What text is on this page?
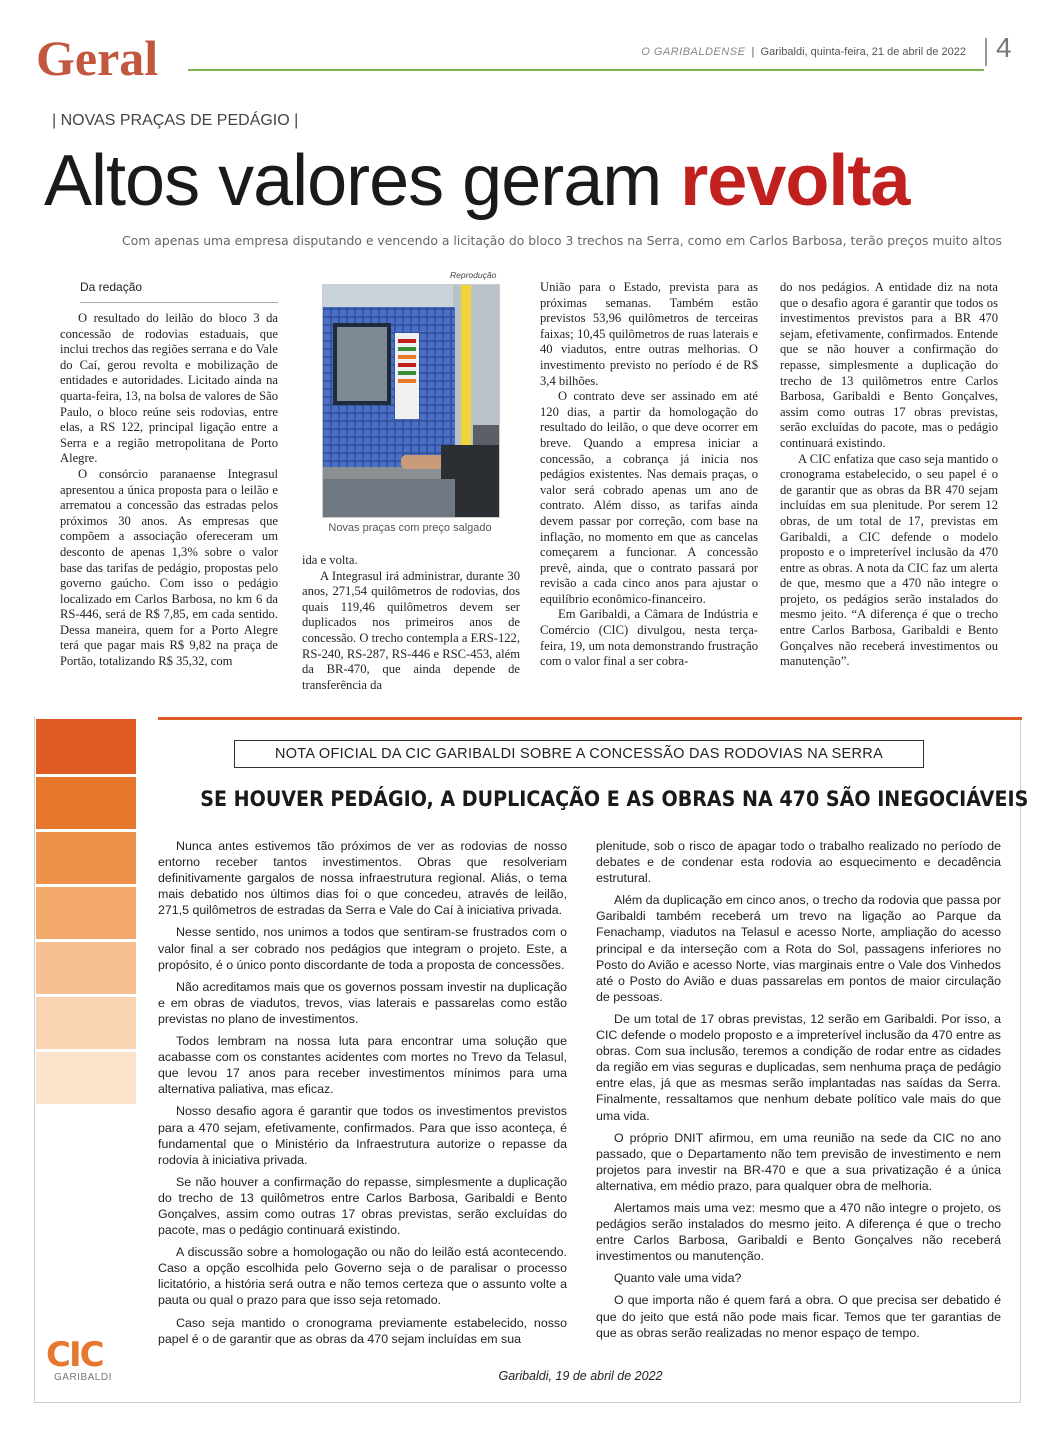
Geral	O GARIBALDENSE  |  Garibaldi, quinta-feira, 21 de abril de 2022 4
| NOVAS PRAÇAS DE PEDÁGIO |
Altos valores geram revolta
Com apenas uma empresa disputando e vencendo a licitação do bloco 3 trechos na Serra, como em Carlos Barbosa, terão preços muito altos
Da redação

O resultado do leilão do bloco 3 da concessão de rodovias estaduais, que inclui trechos das regiões serrana e do Vale do Caí, gerou revolta e mobilização de entidades e autoridades. Licitado ainda na quarta-feira, 13, na bolsa de valores de São Paulo, o bloco reúne seis rodovias, entre elas, a RS 122, principal ligação entre a Serra e a região metropolitana de Porto Alegre.

O consórcio paranaense Integrasul apresentou a única proposta para o leilão e arrematou a concessão das estradas pelos próximos 30 anos. As empresas que compõem a associação ofereceram um desconto de apenas 1,3% sobre o valor base das tarifas de pedágio, propostas pelo governo gaúcho. Com isso o pedágio localizado em Carlos Barbosa, no km 6 da RS-446, será de R$ 7,85, em cada sentido. Dessa maneira, quem for a Porto Alegre terá que pagar mais R$ 9,82 na praça de Portão, totalizando R$ 35,32, com

Reprodução
Novas praças com preço salgado

ida e volta.

A Integrasul irá administrar, durante 30 anos, 271,54 quilômetros de rodovias, dos quais 119,46 quilômetros devem ser duplicados nos primeiros anos de concessão. O trecho contempla a ERS-122, RS-240, RS-287, RS-446 e RSC-453, além da BR-470, que ainda depende de transferência da

União para o Estado, prevista para as próximas semanas. Também estão previstos 53,96 quilômetros de terceiras faixas; 10,45 quilômetros de ruas laterais e 40 viadutos, entre outras melhorias. O investimento previsto no período é de R$ 3,4 bilhões.

O contrato deve ser assinado em até 120 dias, a partir da homologação do resultado do leilão, o que deve ocorrer em breve. Quando a empresa iniciar a concessão, a cobrança já inicia nos pedágios existentes. Nas demais praças, o valor será cobrado apenas um ano de contrato. Além disso, as tarifas ainda devem passar por correção, com base na inflação, no momento em que as cancelas começarem a funcionar. A concessão prevê, ainda, que o contrato passará por revisão a cada cinco anos para ajustar o equilíbrio econômico-financeiro.

Em Garibaldi, a Câmara de Indústria e Comércio (CIC) divulgou, nesta terça-feira, 19, um nota demonstrando frustração com o valor final a ser cobra-

do nos pedágios. A entidade diz na nota que o desafio agora é garantir que todos os investimentos previstos para a BR 470 sejam, efetivamente, confirmados. Entende que se não houver a confirmação do repasse, simplesmente a duplicação do trecho de 13 quilômetros entre Carlos Barbosa, Garibaldi e Bento Gonçalves, assim como outras 17 obras previstas, serão excluídas do pacote, mas o pedágio continuará existindo.

A CIC enfatiza que caso seja mantido o cronograma estabelecido, o seu papel é o de garantir que as obras da BR 470 sejam incluídas em sua plenitude. Por serem 12 obras, de um total de 17, previstas em Garibaldi, a CIC defende o modelo proposto e o impreterível inclusão da 470 entre as obras. A nota da CIC faz um alerta de que, mesmo que a 470 não integre o projeto, os pedágios serão instalados do mesmo jeito. “A diferença é que o trecho entre Carlos Barbosa, Garibaldi e Bento Gonçalves não receberá investimentos ou manutenção”.

NOTA OFICIAL DA CIC GARIBALDI SOBRE A CONCESSÃO DAS RODOVIAS NA SERRA
SE HOUVER PEDÁGIO, A DUPLICAÇÃO E AS OBRAS NA 470 SÃO INEGOCIÁVEIS

Nunca antes estivemos tão próximos de ver as rodovias de nosso entorno receber tantos investimentos. Obras que resolveriam definitivamente gargalos de nossa infraestrutura regional. Aliás, o tema mais debatido nos últimos dias foi o que concedeu, através de leilão, 271,5 quilômetros de estradas da Serra e Vale do Caí à iniciativa privada.

Nesse sentido, nos unimos a todos que sentiram-se frustrados com o valor final a ser cobrado nos pedágios que integram o projeto. Este, a propósito, é o único ponto discordante de toda a proposta de concessões.

Não acreditamos mais que os governos possam investir na duplicação e em obras de viadutos, trevos, vias laterais e passarelas como estão previstas no plano de investimentos.

Todos lembram na nossa luta para encontrar uma solução que acabasse com os constantes acidentes com mortes no Trevo da Telasul, que levou 17 anos para receber investimentos mínimos para uma alternativa paliativa, mas eficaz.

Nosso desafio agora é garantir que todos os investimentos previstos para a 470 sejam, efetivamente, confirmados. Para que isso aconteça, é fundamental que o Ministério da Infraestrutura autorize o repasse da rodovia à iniciativa privada.

Se não houver a confirmação do repasse, simplesmente a duplicação do trecho de 13 quilômetros entre Carlos Barbosa, Garibaldi e Bento Gonçalves, assim como outras 17 obras previstas, serão excluídas do pacote, mas o pedágio continuará existindo.

A discussão sobre a homologação ou não do leilão está acontecendo. Caso a opção escolhida pelo Governo seja o de paralisar o processo licitatório, a história será outra e não temos certeza que o assunto volte a pauta ou qual o prazo para que isso seja retomado.

Caso seja mantido o cronograma previamente estabelecido, nosso papel é o de garantir que as obras da 470 sejam incluídas em sua

plenitude, sob o risco de apagar todo o trabalho realizado no período de debates e de condenar esta rodovia ao esquecimento e decadência estrutural.

Além da duplicação em cinco anos, o trecho da rodovia que passa por Garibaldi também receberá um trevo na ligação ao Parque da Fenachamp, viadutos na Telasul e acesso Norte, ampliação do acesso principal e da interseção com a Rota do Sol, passagens inferiores no Posto do Avião e acesso Norte, vias marginais entre o Vale dos Vinhedos até o Posto do Avião e duas passarelas em pontos de maior circulação de pessoas.

De um total de 17 obras previstas, 12 serão em Garibaldi. Por isso, a CIC defende o modelo proposto e a impreterível inclusão da 470 entre as obras. Com sua inclusão, teremos a condição de rodar entre as cidades da região em vias seguras e duplicadas, sem nenhuma praça de pedágio entre elas, já que as mesmas serão implantadas nas saídas da Serra. Finalmente, ressaltamos que nenhum debate político vale mais do que uma vida.

O próprio DNIT afirmou, em uma reunião na sede da CIC no ano passado, que o Departamento não tem previsão de investimento e nem projetos para investir na BR-470 e que a sua privatização é a única alternativa, em médio prazo, para qualquer obra de melhoria.

Alertamos mais uma vez: mesmo que a 470 não integre o projeto, os pedágios serão instalados do mesmo jeito. A diferença é que o trecho entre Carlos Barbosa, Garibaldi e Bento Gonçalves não receberá investimentos ou manutenção.

Quanto vale uma vida?

O que importa não é quem fará a obra. O que precisa ser debatido é que do jeito que está não pode mais ficar. Temos que ter garantias de que as obras serão realizadas no menor espaço de tempo.

Garibaldi, 19 de abril de 2022
CIC
GARIBALDI
